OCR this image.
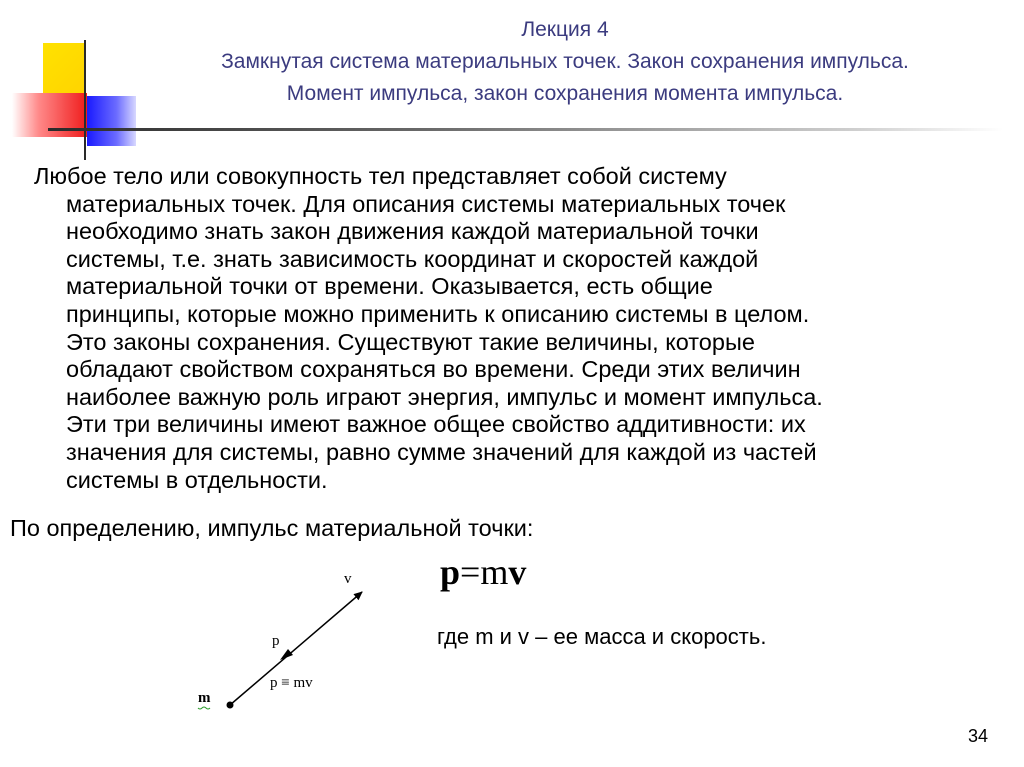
Лекция 4
Замкнутая система материальных точек. Закон сохранения импульса.
Момент импульса, закон сохранения момента импульса.

Любое тело или совокупность тел представляет собой систему

материальных точек. Для описания системы материальных точек

необходимо знать закон движения каждой материальной точки

системы, т.е. знать зависимость координат и скоростей каждой

материальной точки от времени. Оказывается, есть общие

принципы, которые можно применить к описанию системы в целом.

Это законы сохранения. Существуют такие величины, которые

обладают свойством сохраняться во времени. Среди этих величин

наиболее важную роль играют энергия, импульс и момент импульса.

Эти три величины имеют важное общее свойство аддитивности: их

значения для системы, равно сумме значений для каждой из частей

системы в отдельности.

По определению, импульс материальной точки:
p=mv
где m и v – ее масса и скорость.
v
p
p ≡ mv
m
34
